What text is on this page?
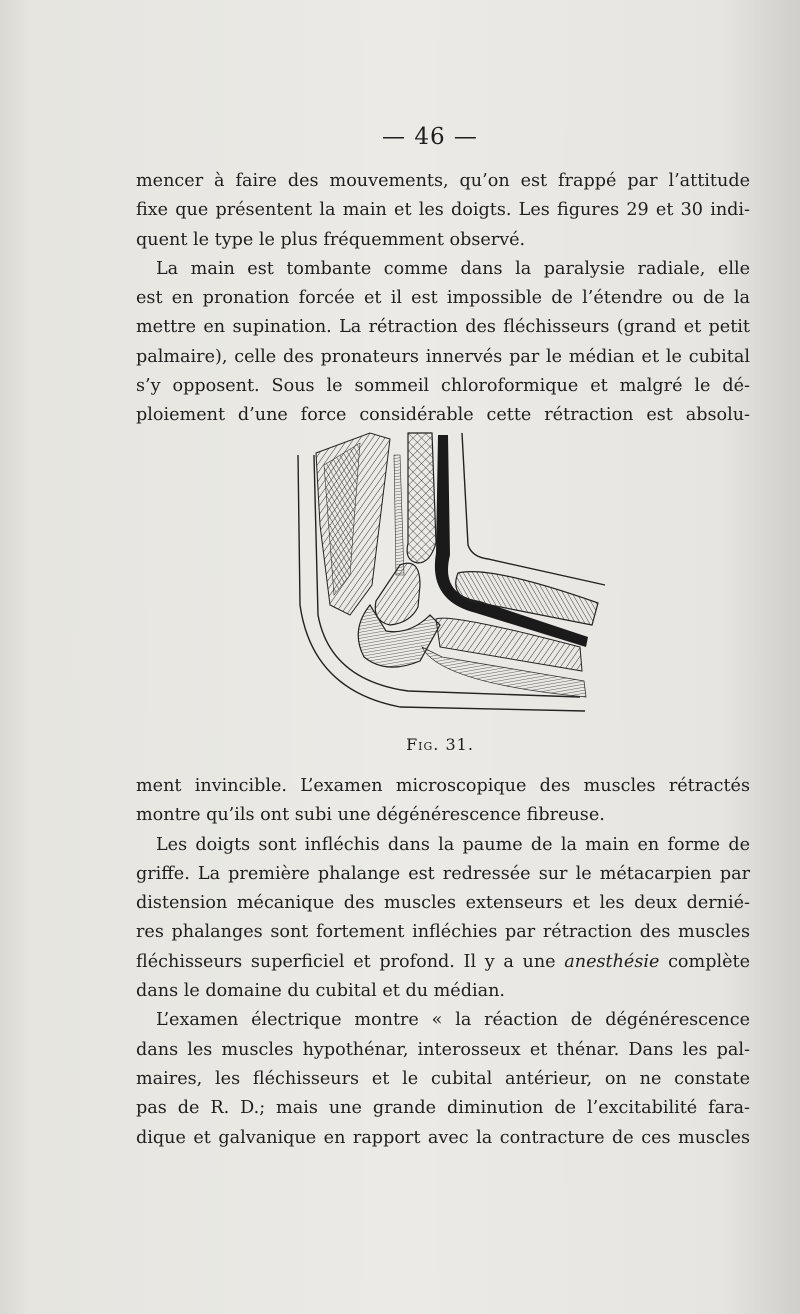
— 46 —

mencer à faire des mouvements, qu’on est frappé par l’attitude

fixe que présentent la main et les doigts. Les figures 29 et 30 indi-

quent le type le plus fréquemment observé.

La main est tombante comme dans la paralysie radiale, elle

est en pronation forcée et il est impossible de l’étendre ou de la

mettre en supination. La rétraction des fléchisseurs (grand et petit

palmaire), celle des pronateurs innervés par le médian et le cubital

s’y opposent. Sous le sommeil chloroformique et malgré le dé-

ploiement d’une force considérable cette rétraction est absolu-

Fig. 31.

ment invincible. L’examen microscopique des muscles rétractés

montre qu’ils ont subi une dégénérescence fibreuse.

Les doigts sont infléchis dans la paume de la main en forme de

griffe. La première phalange est redressée sur le métacarpien par

distension mécanique des muscles extenseurs et les deux dernié-

res phalanges sont fortement infléchies par rétraction des muscles

fléchisseurs superficiel et profond. Il y a une anesthésie complète

dans le domaine du cubital et du médian.

L’examen électrique montre « la réaction de dégénérescence

dans les muscles hypothénar, interosseux et thénar. Dans les pal-

maires, les fléchisseurs et le cubital antérieur, on ne constate

pas de R. D.; mais une grande diminution de l’excitabilité fara-

dique et galvanique en rapport avec la contracture de ces muscles
